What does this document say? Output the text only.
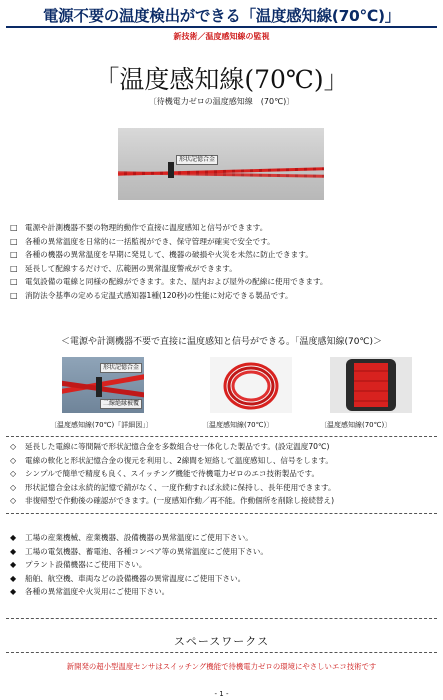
電源不要の温度検出ができる「温度感知線(70℃)」
新技術／温度感知線の監視
「温度感知線(70℃)」
〔待機電力ゼロの温度感知線　(70℃)〕
形状記憶合金
□ 電源や計測機器不要の物理的動作で直接に温度感知と信号ができます。
□ 各種の異常温度を日常的に一括監視ができ、保守管理が確実で安全です。
□ 各種の機器の異常温度を早期に発見して、機器の破損や火災を未然に防止できます。
□ 延長して配線するだけで、広範囲の異常温度警戒ができます。
□ 電気設備の電線と同様の配線ができます。また、屋内および屋外の配線に使用できます。
□ 消防法令基準の定める定温式感知器1種(120秒)の性能に対応できる製品です。
＜電源や計測機器不要で直接に温度感知と信号ができる。「温度感知線(70℃)＞
形状記憶合金
二線絶縁被覆
〔温度感知線(70℃)「詳細図」〕	〔温度感知線(70℃)〕	〔温度感知線(70℃)〕
◇	延長した電線に等間隔で形状記憶合金を多数組合せ一体化した製品です。(設定温度70℃)
◇	電線の軟化と形状記憶合金の復元を利用し、2線間を短絡して温度感知し、信号をします。
◇	シンプルで簡単で精度も良く、スイッチング機能で待機電力ゼロのエコ技術製品です。
◇	形状記憶合金は永続的記憶で錆がなく、一度作動すれば永続に保持し、長年使用できます。
◇	非復帰型で作動後の確認ができます。(一度感知作動／再不能。作動個所を削除し接続替え)
◆	工場の産業機械、産業機器、設備機器の異常温度にご使用下さい。
◆	工場の電気機器、蓄電池、各種コンベア等の異常温度にご使用下さい。
◆	プラント設備機器にご使用下さい。
◆	船舶、航空機、車両などの設備機器の異常温度にご使用下さい。
◆	各種の異常温度や火災用にご使用下さい。
スペースワークス
新開発の超小型温度センサはスイッチング機能で待機電力ゼロの環境にやさしいエコ技術です
- 1 -
